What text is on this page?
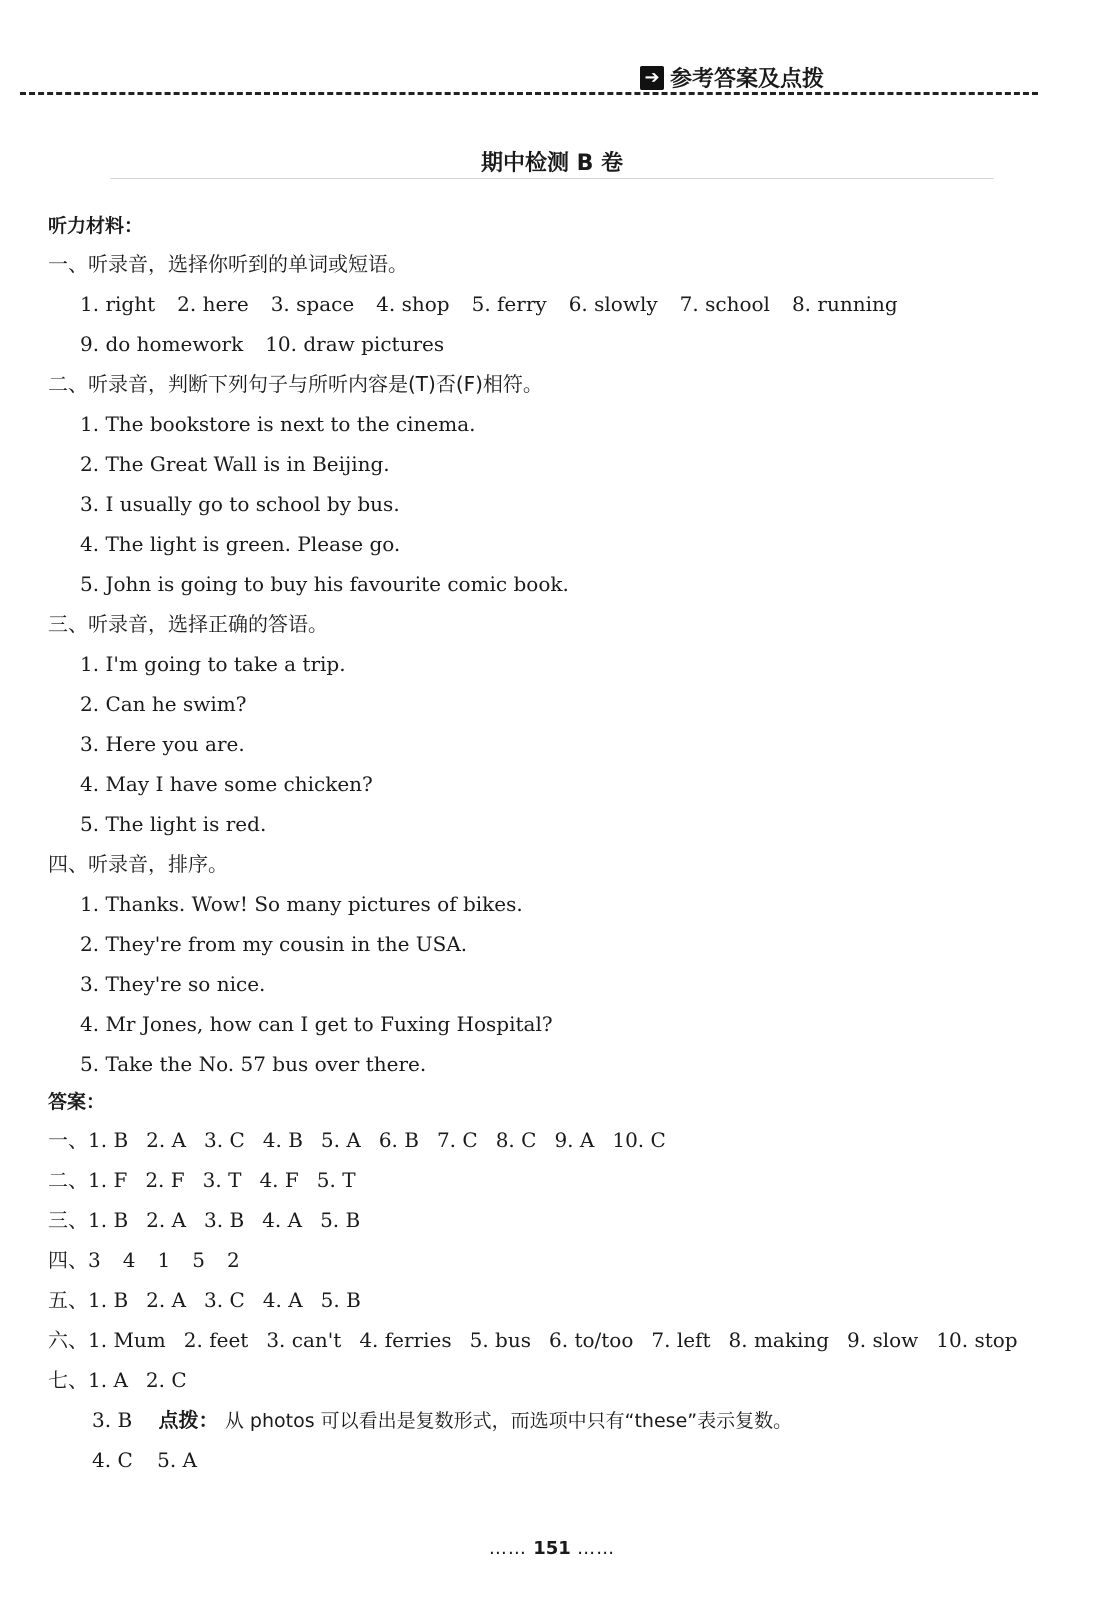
➔ 参考答案及点拨
期中检测 B 卷
听力材料：
一、听录音，选择你听到的单词或短语。
1. right 2. here 3. space 4. shop 5. ferry 6. slowly 7. school 8. running
9. do homework 10. draw pictures
二、听录音，判断下列句子与所听内容是(T)否(F)相符。
1. The bookstore is next to the cinema.
2. The Great Wall is in Beijing.
3. I usually go to school by bus.
4. The light is green. Please go.
5. John is going to buy his favourite comic book.
三、听录音，选择正确的答语。
1. I'm going to take a trip.
2. Can he swim?
3. Here you are.
4. May I have some chicken?
5. The light is red.
四、听录音，排序。
1. Thanks. Wow! So many pictures of bikes.
2. They're from my cousin in the USA.
3. They're so nice.
4. Mr Jones, how can I get to Fuxing Hospital?
5. Take the No. 57 bus over there.
答案：
一、 1. B 2. A 3. C 4. B 5. A 6. B 7. C 8. C 9. A 10. C
二、 1. F 2. F 3. T 4. F 5. T
三、 1. B 2. A 3. B 4. A 5. B
四、 3 4 1 5 2
五、 1. B 2. A 3. C 4. A 5. B
六、 1. Mum 2. feet 3. can't 4. ferries 5. bus 6. to/too 7. left 8. making 9. slow 10. stop
七、 1. A 2. C
3. B 点拨： 从 photos 可以看出是复数形式，而选项中只有“these”表示复数。
4. C 5. A
…… 151 ……
